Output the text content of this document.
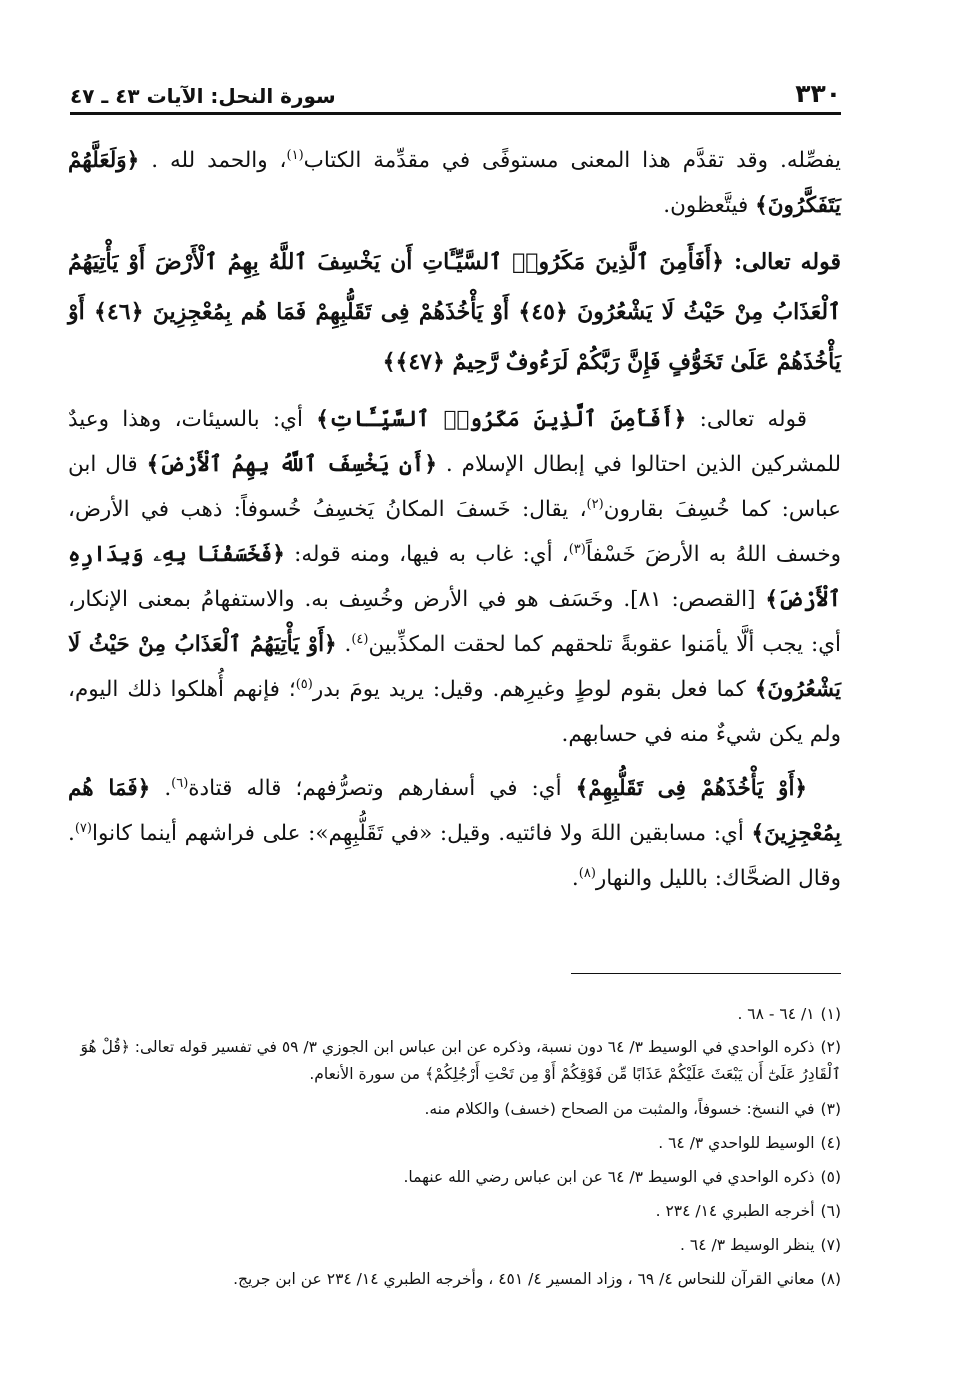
٣٣٠
سورة النحل: الآيات ٤٣ ـ ٤٧

يفصِّله. وقد تقدَّم هذا المعنى مستوفًى في مقدِّمة الكتاب$^{(١)}$، والحمد لله . ﴿وَلَعَلَّهُمْ يَتَفَكَّرُونَ﴾ فيتَّعظون.

قوله تعالى: ﴿أَفَأَمِنَ ٱلَّذِينَ مَكَرُوا۟ ٱلسَّيِّـَٔاتِ أَن يَخْسِفَ ٱللَّهُ بِهِمُ ٱلْأَرْضَ أَوْ يَأْتِيَهُمُ ٱلْعَذَابُ مِنْ حَيْثُ لَا يَشْعُرُونَ ﴿٤٥﴾ أَوْ يَأْخُذَهُمْ فِى تَقَلُّبِهِمْ فَمَا هُم بِمُعْجِزِينَ ﴿٤٦﴾ أَوْ يَأْخُذَهُمْ عَلَىٰ تَخَوُّفٍ فَإِنَّ رَبَّكُمْ لَرَءُوفٌ رَّحِيمٌ ﴿٤٧﴾﴾

قوله تعالى: ﴿أَفَأَمِنَ ٱلَّذِينَ مَكَرُوا۟ ٱلسَّيِّـَٔاتِ﴾ أي: بالسيئات، وهذا وعيدٌ للمشركين الذين احتالوا في إبطال الإسلام . ﴿أَن يَخْسِفَ ٱللَّهُ بِهِمُ ٱلْأَرْضَ﴾ قال ابن عباس: كما خُسِفَ بقارون$^{(٢)}$، يقال: خَسفَ المكانُ يَخسِفُ خُسوفاً: ذهب في الأرض، وخسف اللهُ به الأرضَ خَسْفاً$^{(٣)}$، أي: غاب به فيها، ومنه قوله: ﴿فَخَسَفْنَا بِهِۦ وَبِدَارِهِ ٱلْأَرْضَ﴾ [القصص: ٨١]. وخَسَف هو في الأرض وخُسِف به. والاستفهامُ بمعنى الإنكار، أي: يجب ألَّا يأمَنوا عقوبةً تلحقهم كما لحقت المكذِّبين$^{(٤)}$. ﴿أَوْ يَأْتِيَهُمُ ٱلْعَذَابُ مِنْ حَيْثُ لَا يَشْعُرُونَ﴾ كما فعل بقوم لوطٍ وغيرِهم. وقيل: يريد يومَ بدر$^{(٥)}$؛ فإنهم أُهلكوا ذلك اليوم، ولم يكن شيءٌ منه في حسابهم.

﴿أَوْ يَأْخُذَهُمْ فِى تَقَلُّبِهِمْ﴾ أي: في أسفارهم وتصرُّفهم؛ قاله قتادة$^{(٦)}$. ﴿فَمَا هُم بِمُعْجِزِينَ﴾ أي: مسابقين اللهَ ولا فائتيه. وقيل: «في تَقَلُّبِهِم»: على فراشهم أينما كانوا$^{(٧)}$. وقال الضحَّاك: بالليل والنهار$^{(٨)}$.

(١)١/ ٦٤ - ٦٨ .

(٢)ذكره الواحدي في الوسيط ٣/ ٦٤ دون نسبة، وذكره عن ابن عباس ابن الجوزي ٣/ ٥٩ في تفسير قوله تعالى: ﴿قُلْ هُوَ ٱلْقَادِرُ عَلَىٰٓ أَن يَبْعَثَ عَلَيْكُمْ عَذَابًا مِّن فَوْقِكُمْ أَوْ مِن تَحْتِ أَرْجُلِكُمْ﴾ من سورة الأنعام.

(٣)في النسخ: خسوفاً، والمثبت من الصحاح (خسف) والكلام منه.

(٤)الوسيط للواحدي ٣/ ٦٤ .

(٥)ذكره الواحدي في الوسيط ٣/ ٦٤ عن ابن عباس رضي الله عنهما.

(٦)أخرجه الطبري ١٤/ ٢٣٤ .

(٧)ينظر الوسيط ٣/ ٦٤ .

(٨)معاني القرآن للنحاس ٤/ ٦٩ ، وزاد المسير ٤/ ٤٥١ ، وأخرجه الطبري ١٤/ ٢٣٤ عن ابن جريج.
